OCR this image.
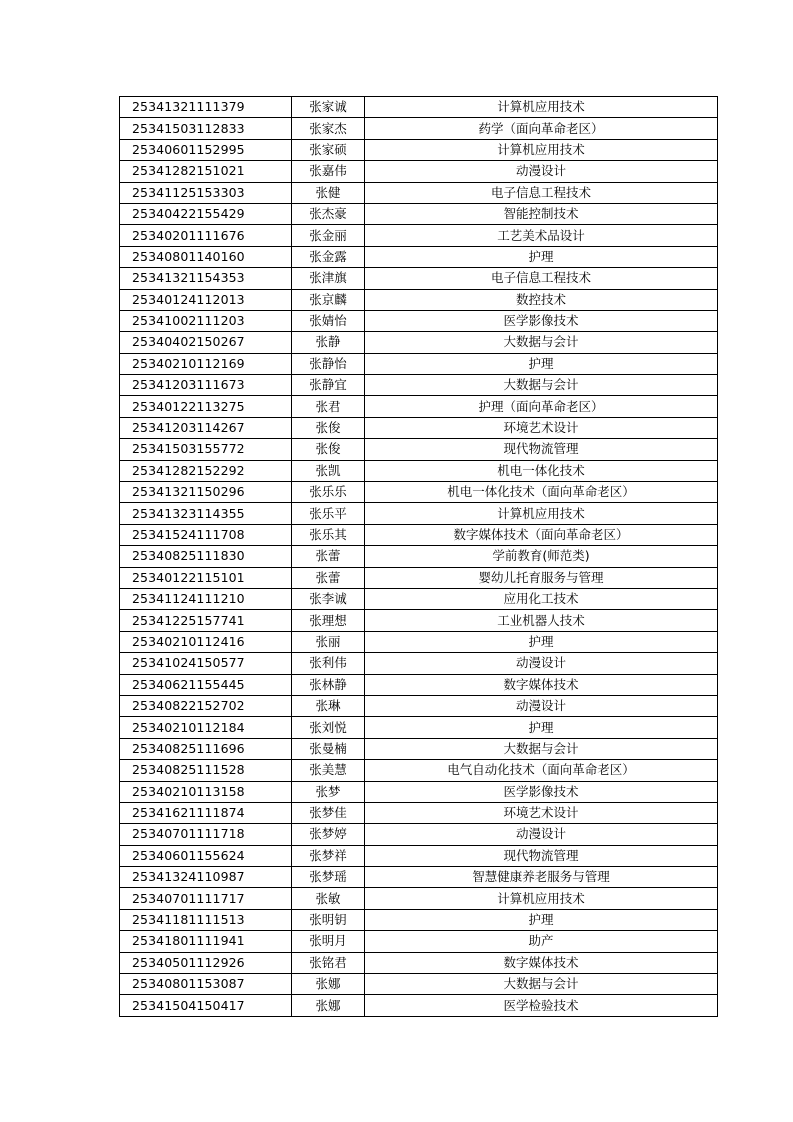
25341321111379	张家诚	计算机应用技术
25341503112833	张家杰	药学（面向革命老区）
25340601152995	张家硕	计算机应用技术
25341282151021	张嘉伟	动漫设计
25341125153303	张健	电子信息工程技术
25340422155429	张杰豪	智能控制技术
25340201111676	张金丽	工艺美术品设计
25340801140160	张金露	护理
25341321154353	张津旗	电子信息工程技术
25340124112013	张京麟	数控技术
25341002111203	张婧怡	医学影像技术
25340402150267	张静	大数据与会计
25340210112169	张静怡	护理
25341203111673	张静宜	大数据与会计
25340122113275	张君	护理（面向革命老区）
25341203114267	张俊	环境艺术设计
25341503155772	张俊	现代物流管理
25341282152292	张凯	机电一体化技术
25341321150296	张乐乐	机电一体化技术（面向革命老区）
25341323114355	张乐平	计算机应用技术
25341524111708	张乐其	数字媒体技术（面向革命老区）
25340825111830	张蕾	学前教育(师范类)
25340122115101	张蕾	婴幼儿托育服务与管理
25341124111210	张李诚	应用化工技术
25341225157741	张理想	工业机器人技术
25340210112416	张丽	护理
25341024150577	张利伟	动漫设计
25340621155445	张林静	数字媒体技术
25340822152702	张琳	动漫设计
25340210112184	张刘悦	护理
25340825111696	张曼楠	大数据与会计
25340825111528	张美慧	电气自动化技术（面向革命老区）
25340210113158	张梦	医学影像技术
25341621111874	张梦佳	环境艺术设计
25340701111718	张梦婷	动漫设计
25340601155624	张梦祥	现代物流管理
25341324110987	张梦瑶	智慧健康养老服务与管理
25340701111717	张敏	计算机应用技术
25341181111513	张明钥	护理
25341801111941	张明月	助产
25340501112926	张铭君	数字媒体技术
25340801153087	张娜	大数据与会计
25341504150417	张娜	医学检验技术
